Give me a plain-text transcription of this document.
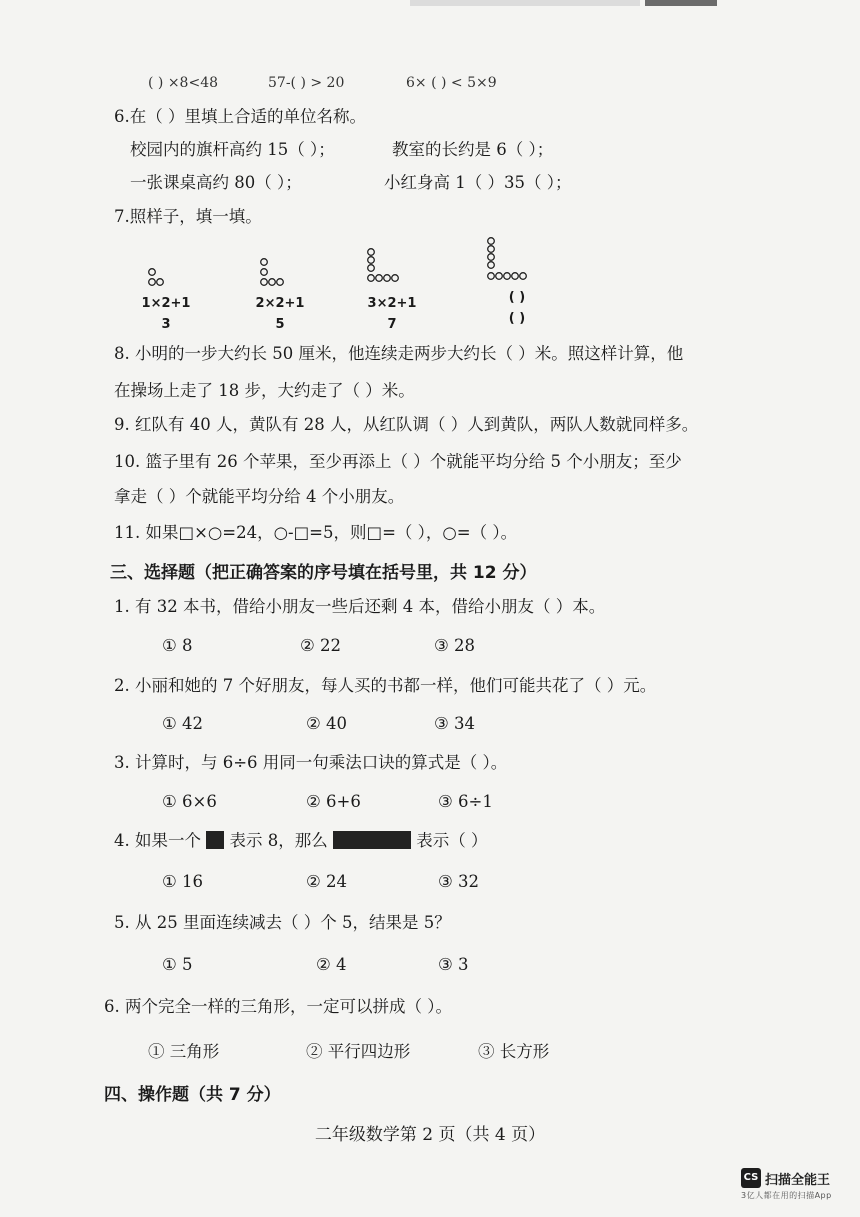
( ) ×8<48	57-( ) > 20	6× ( ) < 5×9
6.在（ ）里填上合适的单位名称。
校园内的旗杆高约 15（ ）；	教室的长约是 6（ ）；
一张课桌高约 80（ ）；	小红身高 1（ ）35（ ）；
7.照样子，填一填。
1×2+1
3
2×2+1
5
3×2+1
7
( )
( )
8. 小明的一步大约长 50 厘米，他连续走两步大约长（ ）米。照这样计算，他
在操场上走了 18 步，大约走了（ ）米。
9. 红队有 40 人，黄队有 28 人，从红队调（ ）人到黄队，两队人数就同样多。
10. 篮子里有 26 个苹果，至少再添上（ ）个就能平均分给 5 个小朋友；至少
拿走（ ）个就能平均分给 4 个小朋友。
11. 如果□×○=24，○-□=5，则□=（ ），○=（ ）。
三、选择题（把正确答案的序号填在括号里，共 12 分）
1. 有 32 本书，借给小朋友一些后还剩 4 本，借给小朋友（ ）本。
① 8	② 22	③ 28
2. 小丽和她的 7 个好朋友，每人买的书都一样，他们可能共花了（ ）元。
① 42	② 40	③ 34
3. 计算时，与 6÷6 用同一句乘法口诀的算式是（ ）。
① 6×6	② 6+6	③ 6÷1
4. 如果一个 表示 8，那么	表示（ ）
① 16	② 24	③ 32
5. 从 25 里面连续减去（ ）个 5，结果是 5？
① 5	② 4	③ 3
6. 两个完全一样的三角形，一定可以拼成（ ）。
① 三角形	② 平行四边形	③ 长方形
四、操作题（共 7 分）
二年级数学第 2 页（共 4 页）
CS 扫描全能王
3亿人都在用的扫描App
